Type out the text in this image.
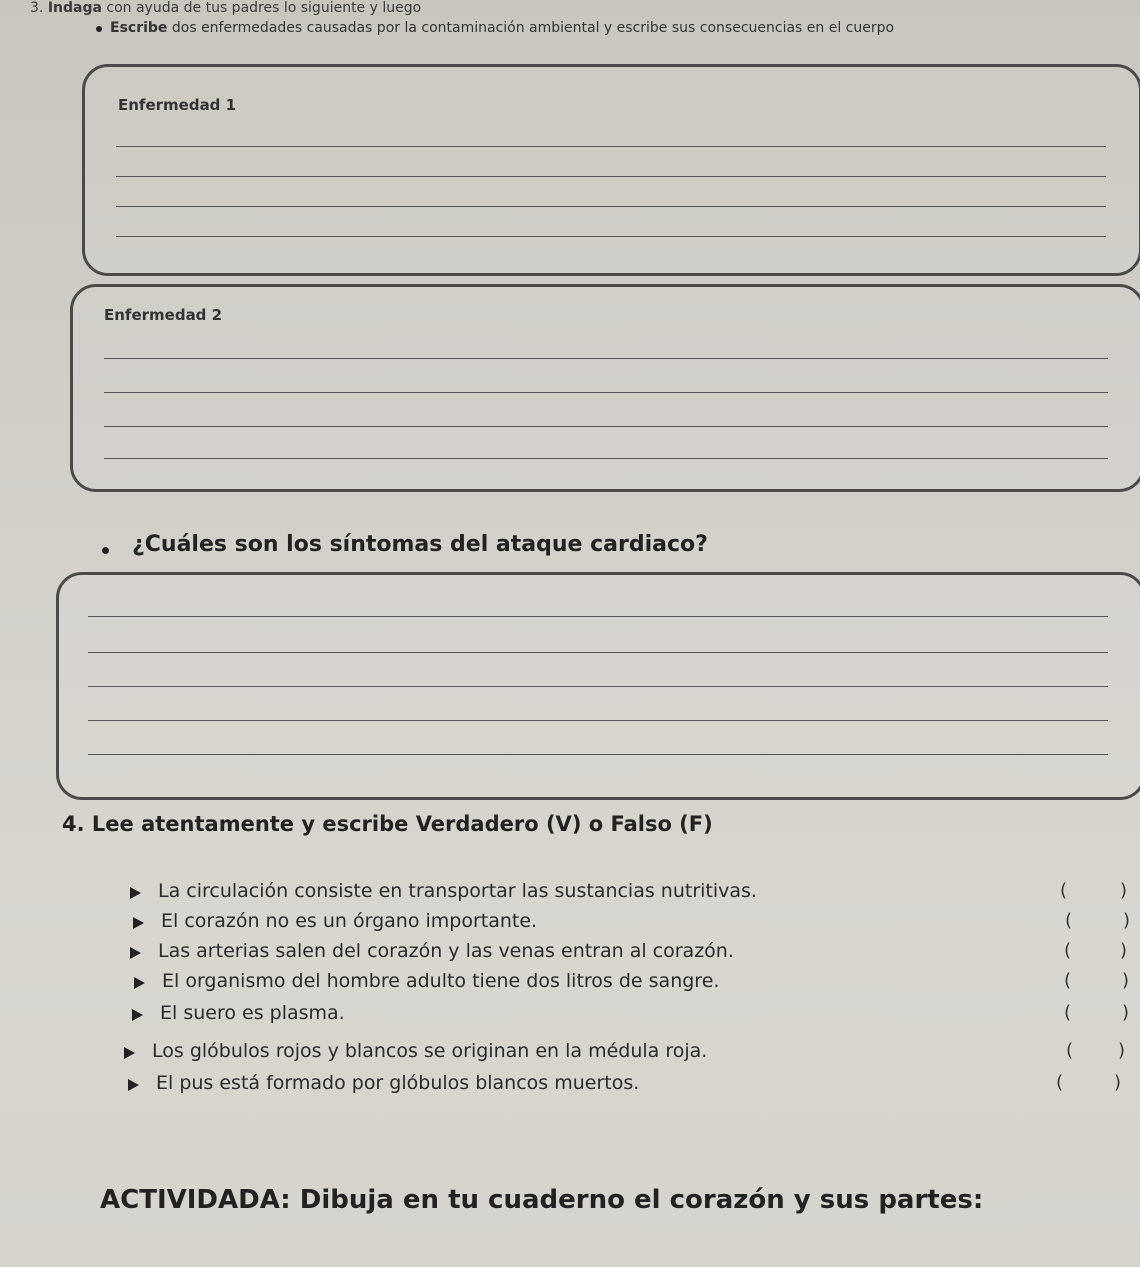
3. Indaga con ayuda de tus padres lo siguiente y luego
Escribe dos enfermedades causadas por la contaminación ambiental y escribe sus consecuencias en el cuerpo
Enfermedad 1
Enfermedad 2
¿Cuáles son los síntomas del ataque cardiaco?
4. Lee atentamente y escribe Verdadero (V) o Falso (F)
La circulación consiste en transportar las sustancias nutritivas.	(	)
El corazón no es un órgano importante.	(	)
Las arterias salen del corazón y las venas entran al corazón.	(	)
El organismo del hombre adulto tiene dos litros de sangre.	(	)
El suero es plasma.	(	)
Los glóbulos rojos y blancos se originan en la médula roja.	( )
El pus está formado por glóbulos blancos muertos.	(	)
ACTIVIDADA: Dibuja en tu cuaderno el corazón y sus partes:
